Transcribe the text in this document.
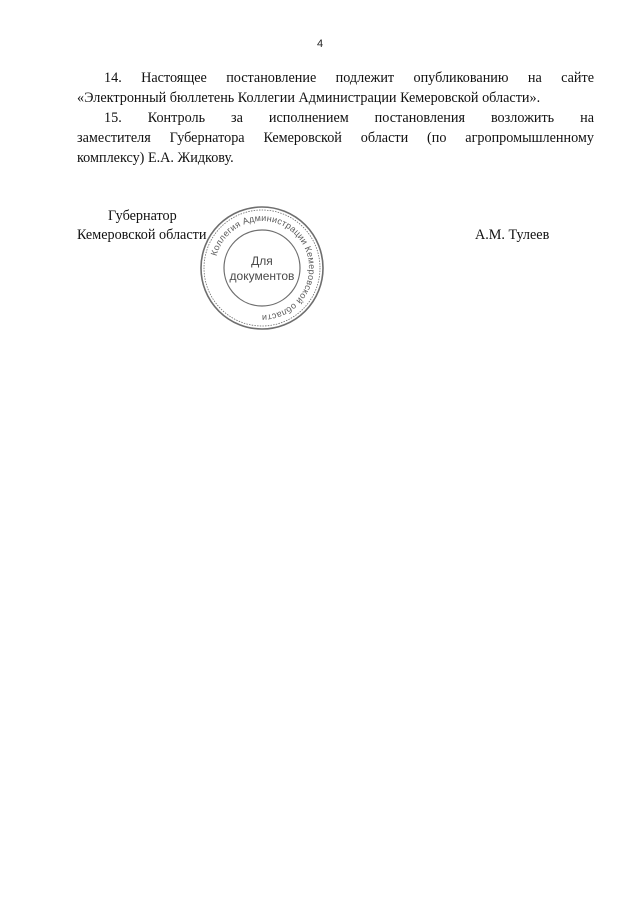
4
14. Настоящее постановление подлежит опубликованию на сайте
«Электронный бюллетень Коллегии Администрации Кемеровской области».
15. Контроль за исполнением постановления возложить на
заместителя Губернатора Кемеровской области (по агропромышленному
комплексу) Е.А. Жидкову.
Губернатор
Кемеровской области	А.М. Тулеев
Коллегия Администрации Кемеровской области
Для
документов
